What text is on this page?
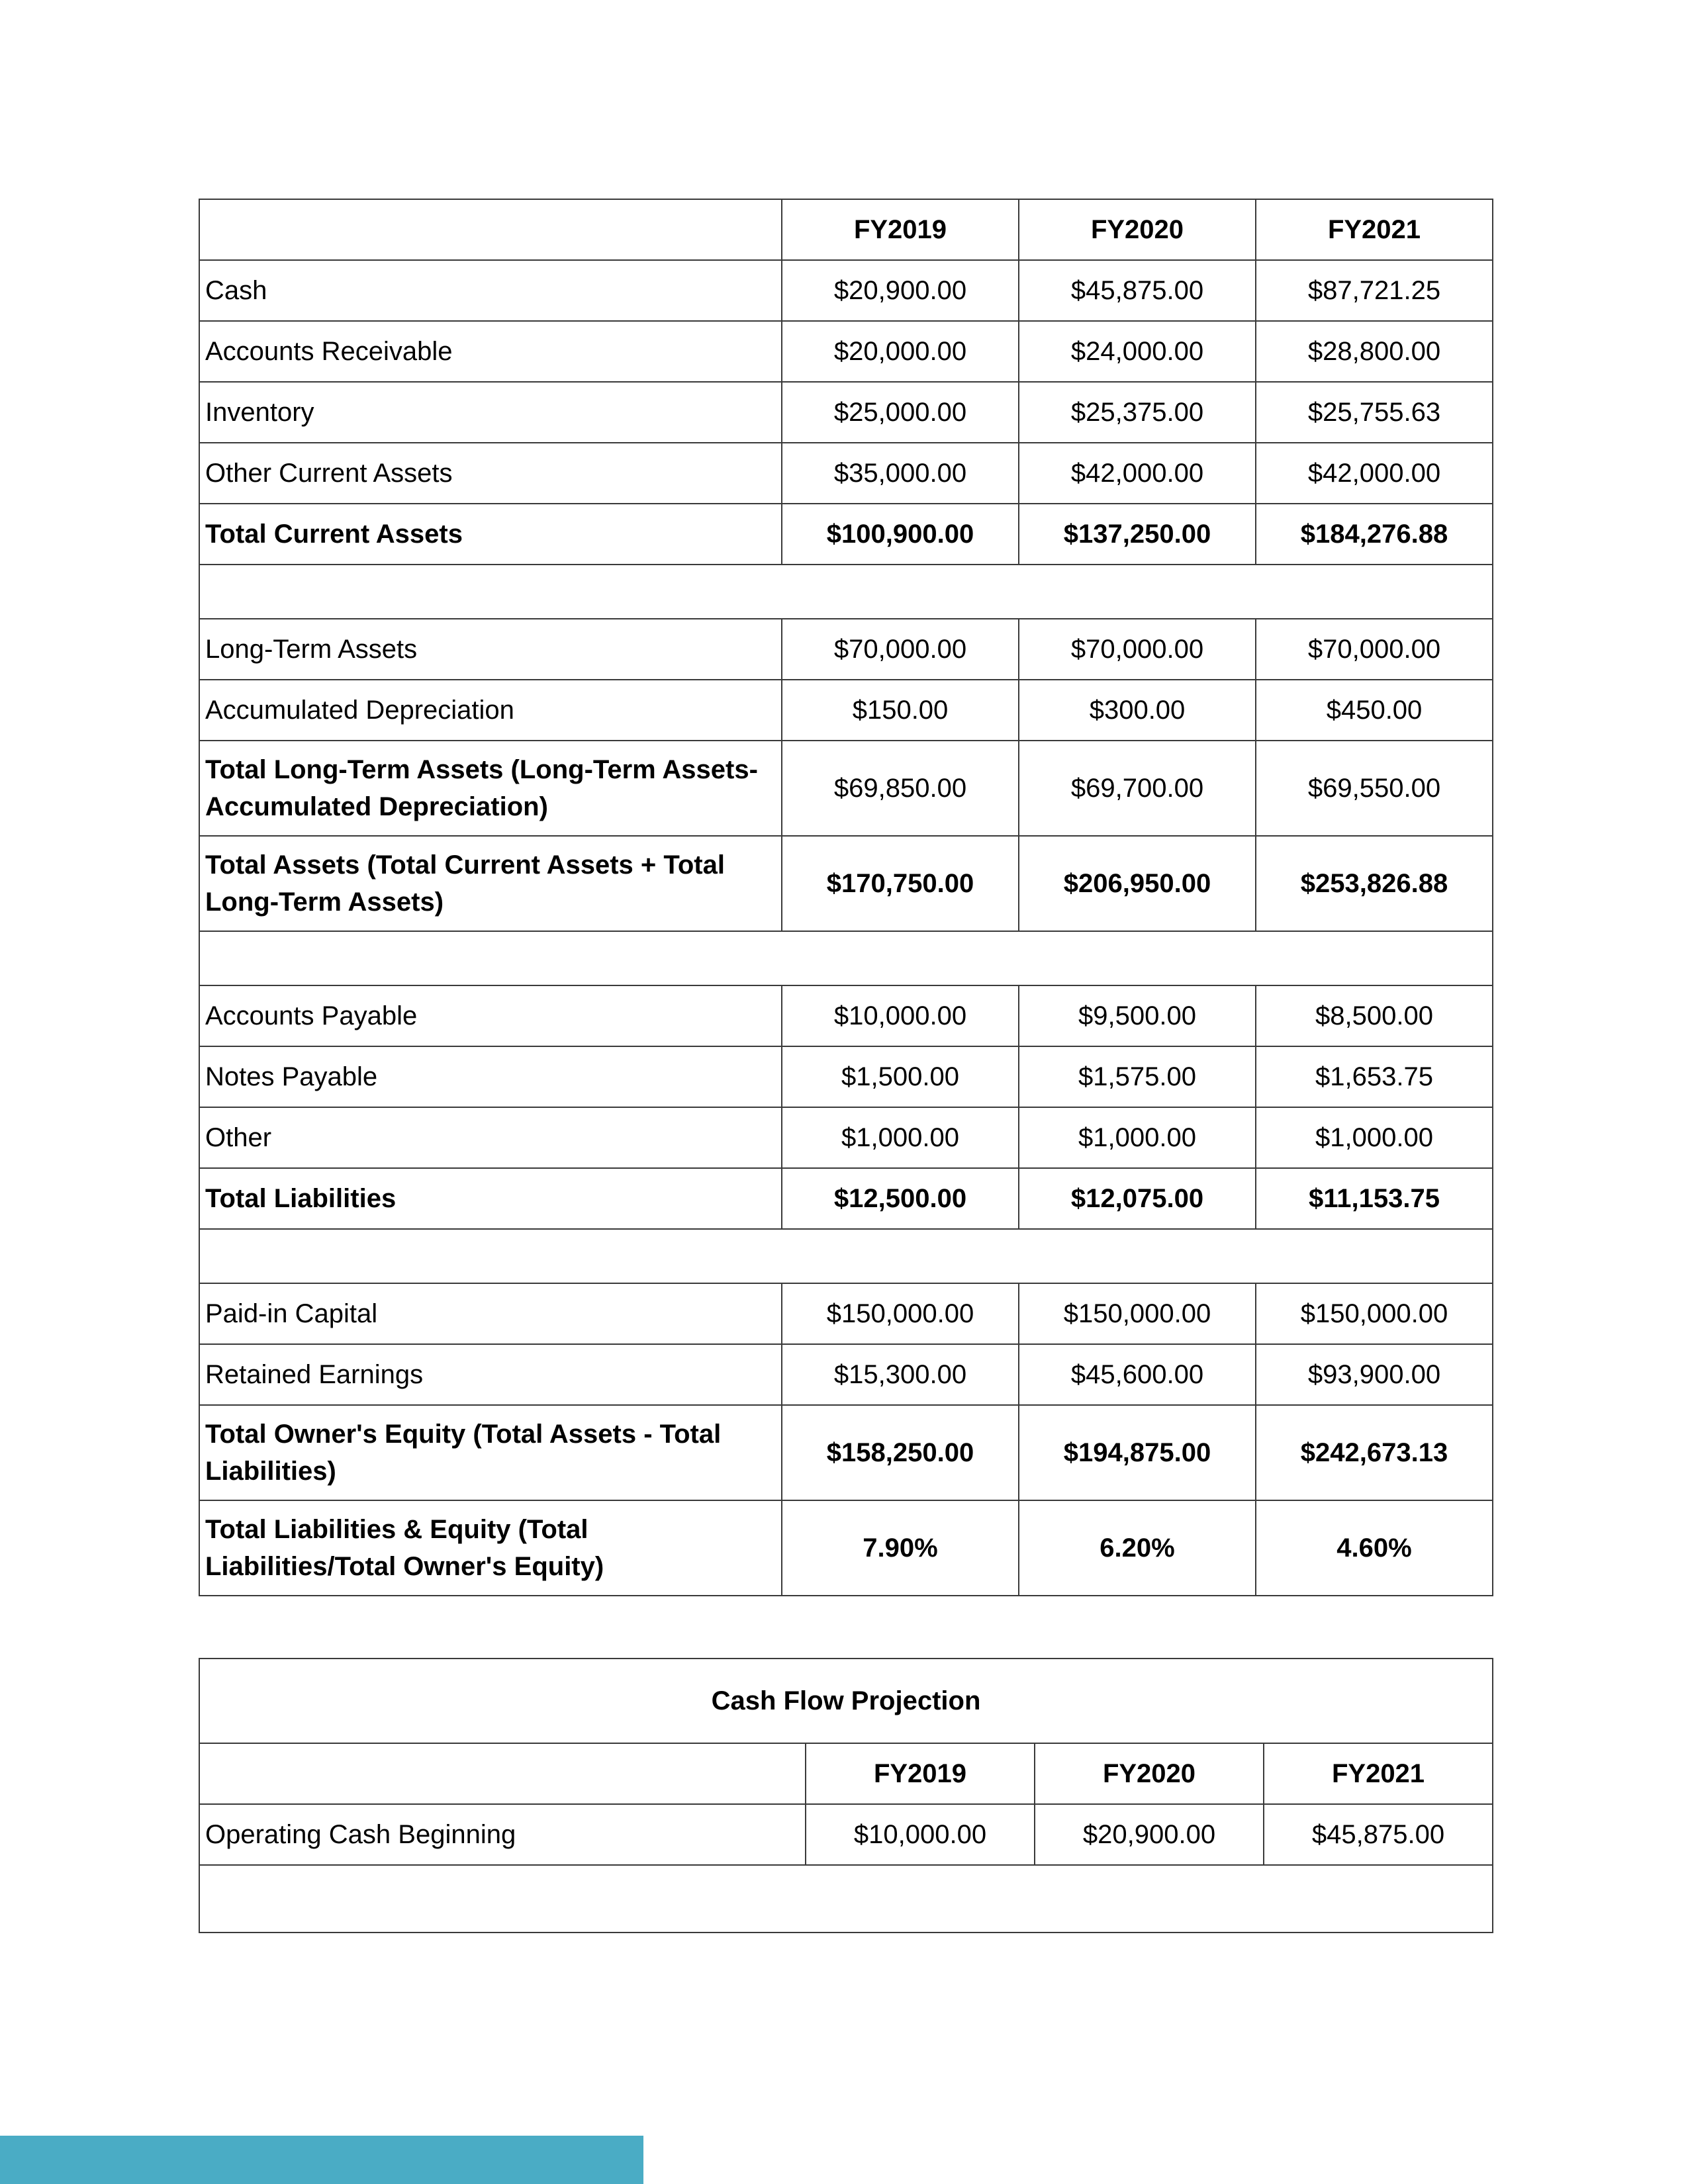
	FY2019	FY2020	FY2021
Cash	$20,900.00	$45,875.00	$87,721.25
Accounts Receivable	$20,000.00	$24,000.00	$28,800.00
Inventory	$25,000.00	$25,375.00	$25,755.63
Other Current Assets	$35,000.00	$42,000.00	$42,000.00
Total Current Assets	$100,900.00	$137,250.00	$184,276.88

Long-Term Assets	$70,000.00	$70,000.00	$70,000.00
Accumulated Depreciation	$150.00	$300.00	$450.00
Total Long-Term Assets (Long-Term Assets-Accumulated Depreciation)	$69,850.00	$69,700.00	$69,550.00
Total Assets (Total Current Assets + Total Long-Term Assets)	$170,750.00	$206,950.00	$253,826.88

Accounts Payable	$10,000.00	$9,500.00	$8,500.00
Notes Payable	$1,500.00	$1,575.00	$1,653.75
Other	$1,000.00	$1,000.00	$1,000.00
Total Liabilities	$12,500.00	$12,075.00	$11,153.75

Paid-in Capital	$150,000.00	$150,000.00	$150,000.00
Retained Earnings	$15,300.00	$45,600.00	$93,900.00
Total Owner's Equity (Total Assets - Total Liabilities)	$158,250.00	$194,875.00	$242,673.13
Total Liabilities & Equity (Total Liabilities/Total Owner's Equity)	7.90%	6.20%	4.60%
Cash Flow Projection			
	FY2019	FY2020	FY2021
Operating Cash Beginning	$10,000.00	$20,900.00	$45,875.00
